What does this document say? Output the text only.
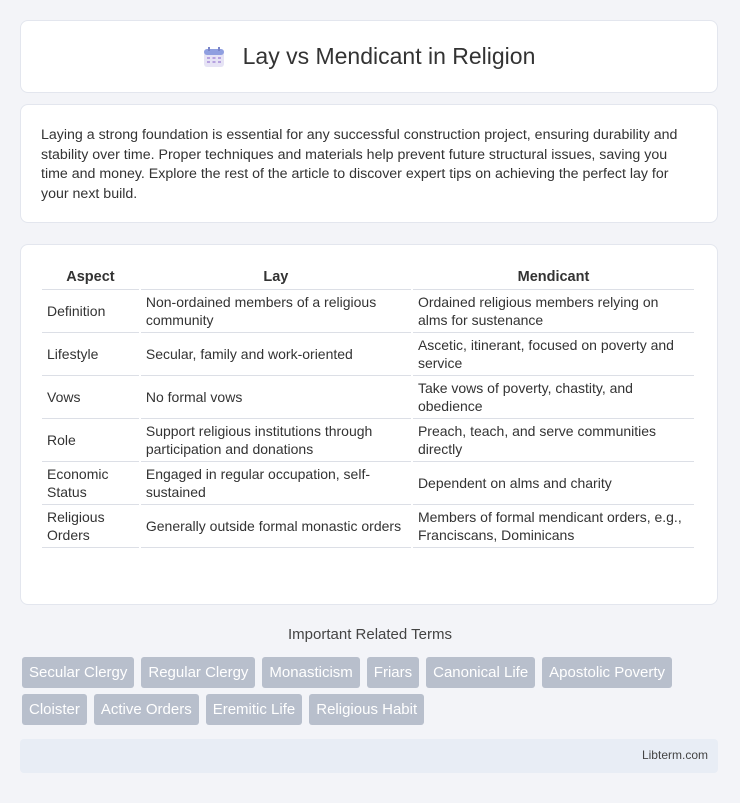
Lay vs Mendicant in Religion
Laying a strong foundation is essential for any successful construction project, ensuring durability and stability over time. Proper techniques and materials help prevent future structural issues, saving you time and money. Explore the rest of the article to discover expert tips on achieving the perfect lay for your next build.
Aspect	Lay	Mendicant
Definition	Non-ordained members of a religious community	Ordained religious members relying on alms for sustenance
Lifestyle	Secular, family and work-oriented	Ascetic, itinerant, focused on poverty and service
Vows	No formal vows	Take vows of poverty, chastity, and obedience
Role	Support religious institutions through participation and donations	Preach, teach, and serve communities directly
Economic Status	Engaged in regular occupation, self-sustained	Dependent on alms and charity
Religious Orders	Generally outside formal monastic orders	Members of formal mendicant orders, e.g., Franciscans, Dominicans
Important Related Terms
Secular Clergy	Regular Clergy	Monasticism	Friars	Canonical Life	Apostolic Poverty
Cloister	Active Orders	Eremitic Life	Religious Habit
Libterm.com
